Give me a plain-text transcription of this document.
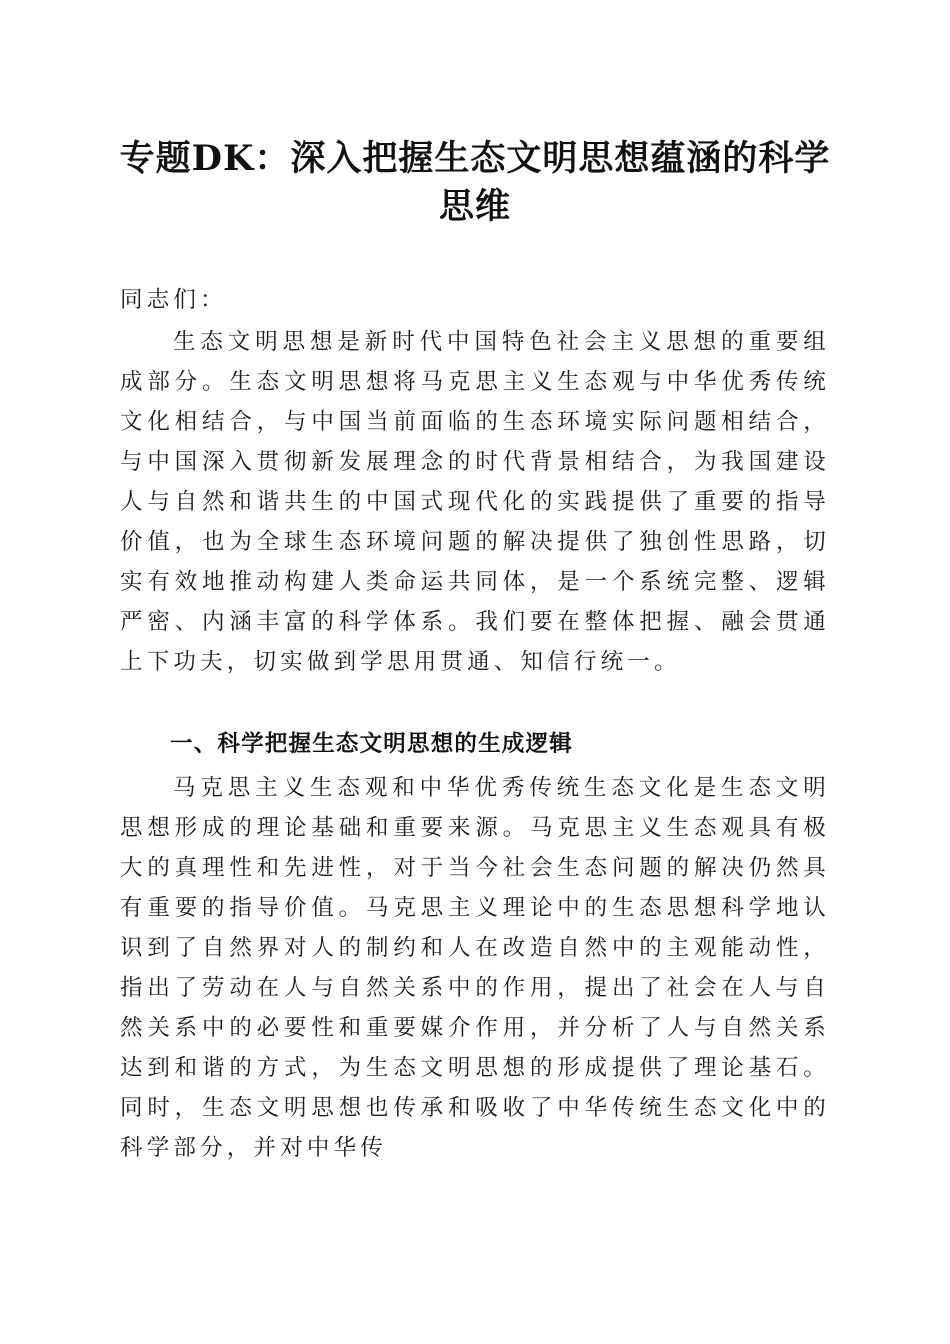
专题DK：深入把握生态文明思想蕴涵的科学思维
同志们：

生态文明思想是新时代中国特色社会主义思想的重要组成部分。生态文明思想将马克思主义生态观与中华优秀传统文化相结合，与中国当前面临的生态环境实际问题相结合，与中国深入贯彻新发展理念的时代背景相结合，为我国建设人与自然和谐共生的中国式现代化的实践提供了重要的指导价值，也为全球生态环境问题的解决提供了独创性思路，切实有效地推动构建人类命运共同体，是一个系统完整、逻辑严密、内涵丰富的科学体系。我们要在整体把握、融会贯通上下功夫，切实做到学思用贯通、知信行统一。

一、科学把握生态文明思想的生成逻辑

马克思主义生态观和中华优秀传统生态文化是生态文明思想形成的理论基础和重要来源。马克思主义生态观具有极大的真理性和先进性，对于当今社会生态问题的解决仍然具有重要的指导价值。马克思主义理论中的生态思想科学地认识到了自然界对人的制约和人在改造自然中的主观能动性，指出了劳动在人与自然关系中的作用，提出了社会在人与自然关系中的必要性和重要媒介作用，并分析了人与自然关系达到和谐的方式，为生态文明思想的形成提供了理论基石。同时，生态文明思想也传承和吸收了中华传统生态文化中的科学部分，并对中华传
